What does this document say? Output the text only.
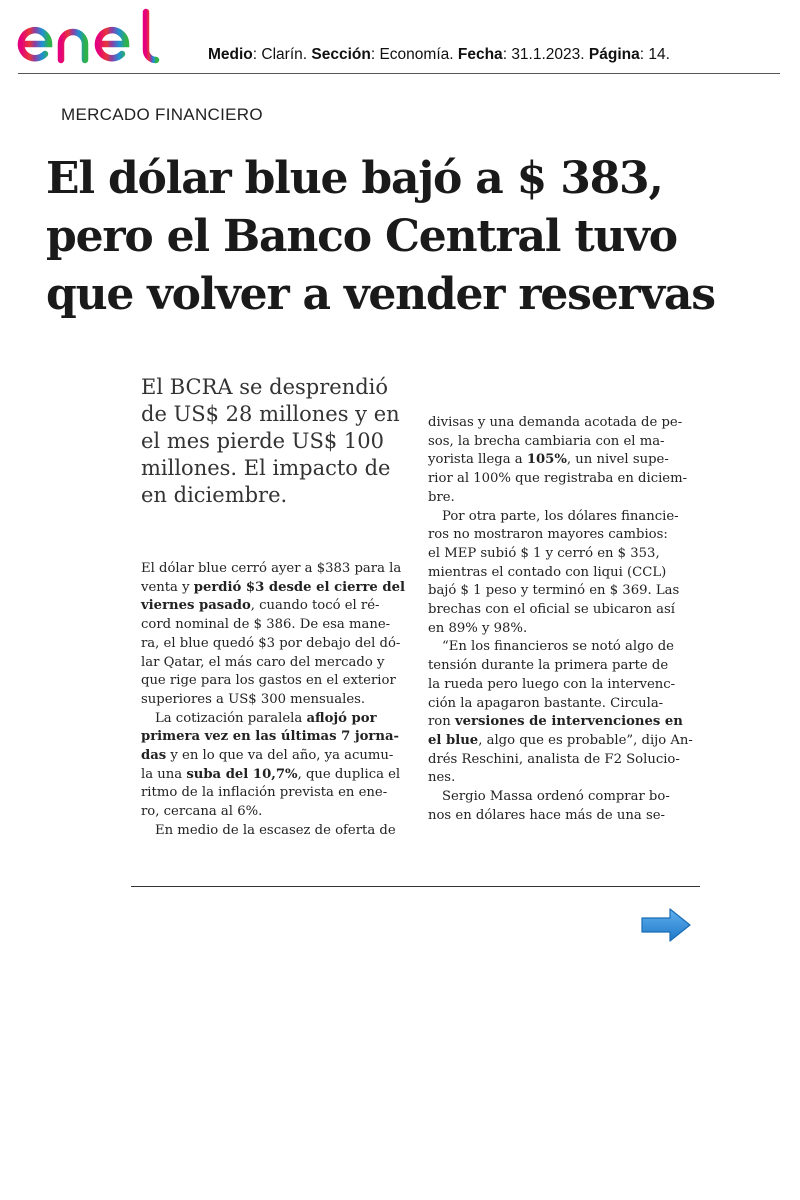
Medio: Clarín. Sección: Economía. Fecha: 31.1.2023. Página: 14.
MERCADO FINANCIERO
El dólar blue bajó a $ 383,
pero el Banco Central tuvo
que volver a vender reservas
El BCRA se desprendió
de US$ 28 millones y en
el mes pierde US$ 100
millones. El impacto de
en diciembre.
El dólar blue cerró ayer a $383 para la
venta y perdió $3 desde el cierre del
viernes pasado, cuando tocó el ré-
cord nominal de $ 386. De esa mane-
ra, el blue quedó $3 por debajo del dó-
lar Qatar, el más caro del mercado y
que rige para los gastos en el exterior
superiores a US$ 300 mensuales.
La cotización paralela aflojó por
primera vez en las últimas 7 jorna-
das y en lo que va del año, ya acumu-
la una suba del 10,7%, que duplica el
ritmo de la inflación prevista en ene-
ro, cercana al 6%.
En medio de la escasez de oferta de
divisas y una demanda acotada de pe-
sos, la brecha cambiaria con el ma-
yorista llega a 105%, un nivel supe-
rior al 100% que registraba en diciem-
bre.
Por otra parte, los dólares financie-
ros no mostraron mayores cambios:
el MEP subió $ 1 y cerró en $ 353,
mientras el contado con liqui (CCL)
bajó $ 1 peso y terminó en $ 369. Las
brechas con el oficial se ubicaron así
en 89% y 98%.
“En los financieros se notó algo de
tensión durante la primera parte de
la rueda pero luego con la intervenc-
ción la apagaron bastante. Circula-
ron versiones de intervenciones en
el blue, algo que es probable”, dijo An-
drés Reschini, analista de F2 Solucio-
nes.
Sergio Massa ordenó comprar bo-
nos en dólares hace más de una se-
